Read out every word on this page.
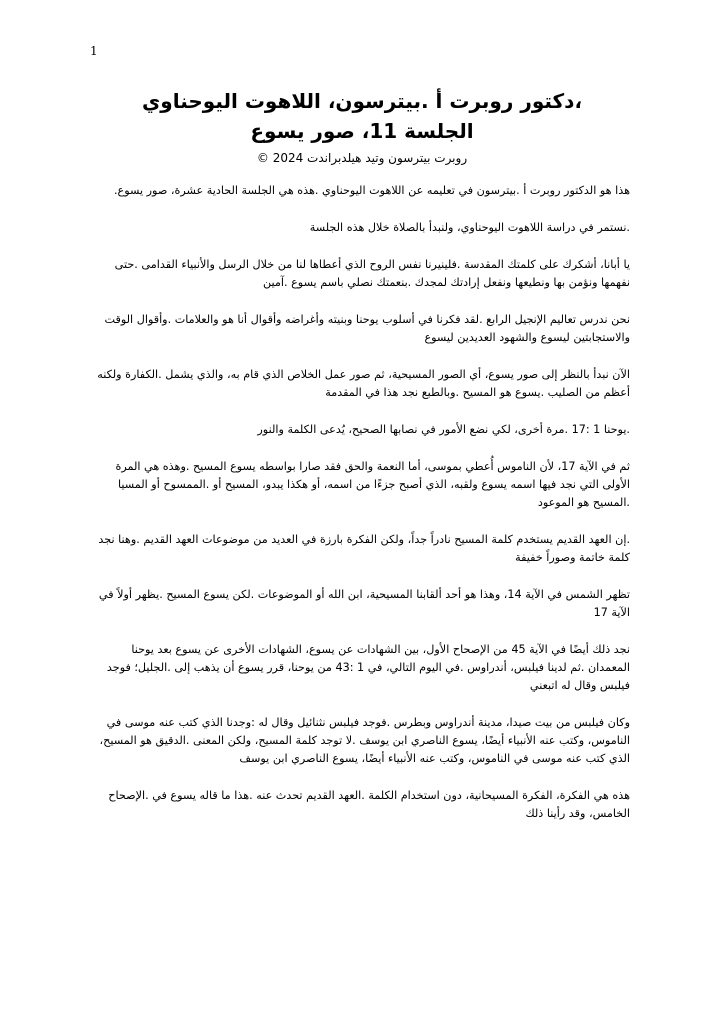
1
،دكتور روبرت أ .بيترسون، اللاهوت اليوحناوي
الجلسة 11، صور يسوع
روبرت بيترسون وتيد هيلدبراندت 2024 ©

هذا هو الدكتور روبرت أ .بيترسون في تعليمه عن اللاهوت اليوحناوي .هذه هي الجلسة الحادية عشرة، صور يسوع.

.نستمر في دراسة اللاهوت اليوحناوي، ولنبدأ بالصلاة خلال هذه الجلسة

يا أبانا، أشكرك على كلمتك المقدسة .فلينيرنا نفس الروح الذي أعطاها لنا من خلال الرسل والأنبياء القدامى .حتى نفهمها ونؤمن بها ونطيعها ونفعل إرادتك لمجدك .بنعمتك نصلي باسم يسوع .آمين

نحن ندرس تعاليم الإنجيل الرابع .لقد فكرنا في أسلوب يوحنا وبنيته وأغراضه وأقوال أنا هو والعلامات .وأقوال الوقت والاستجابتين ليسوع والشهود العديدين ليسوع

الآن نبدأ بالنظر إلى صور يسوع، أي الصور المسيحية، ثم صور عمل الخلاص الذي قام به، والذي يشمل .الكفارة ولكنه أعظم من الصليب .يسوع هو المسيح .وبالطبع نجد هذا في المقدمة

.يوحنا 1 :17 .مرة أخرى، لكي نضع الأمور في نصابها الصحيح، يُدعى الكلمة والنور

ثم في الآية 17، لأن الناموس أُعطي بموسى، أما النعمة والحق فقد صارا بواسطه يسوع المسيح .وهذه هي المرة الأولى التي نجد فيها اسمه يسوع ولقبه، الذي أصبح جزءًا من اسمه، أو هكذا يبدو، المسيح أو .الممسوح أو المسيا .المسيح هو الموعود

.إن العهد القديم يستخدم كلمة المسيح نادراً جداً، ولكن الفكرة بارزة في العديد من موضوعات العهد القديم .وهنا نجد كلمة خاتمة وصوراً خفيفة

تظهر الشمس في الآية 14، وهذا هو أحد ألقابنا المسيحية، ابن الله أو الموضوعات .لكن يسوع المسيح .يظهر أولاً في الآية 17

نجد ذلك أيضًا في الآية 45 من الإصحاح الأول، بين الشهادات عن يسوع، الشهادات الأخرى عن يسوع بعد يوحنا المعمدان .ثم لدينا فيلبس، أندراوس .في اليوم التالي، في 1 :43 من يوحنا، قرر يسوع أن يذهب إلى .الجليل؛ فوجد فيلبس وقال له اتبعني

وكان فيلبس من بيت صيدا، مدينة أندراوس وبطرس .فوجد فيلبس نثنائيل وقال له :وجدنا الذي كتب عنه موسى في الناموس، وكتب عنه الأنبياء أيضًا، يسوع الناصري ابن يوسف .لا توجد كلمة المسيح، ولكن المعنى .الدقيق هو المسيح، الذي كتب عنه موسى في الناموس، وكتب عنه الأنبياء أيضًا، يسوع الناصري ابن يوسف

هذه هي الفكرة، الفكرة المسيحانية، دون استخدام الكلمة .العهد القديم تحدث عنه .هذا ما قاله يسوع في .الإصحاح الخامس، وقد رأينا ذلك
